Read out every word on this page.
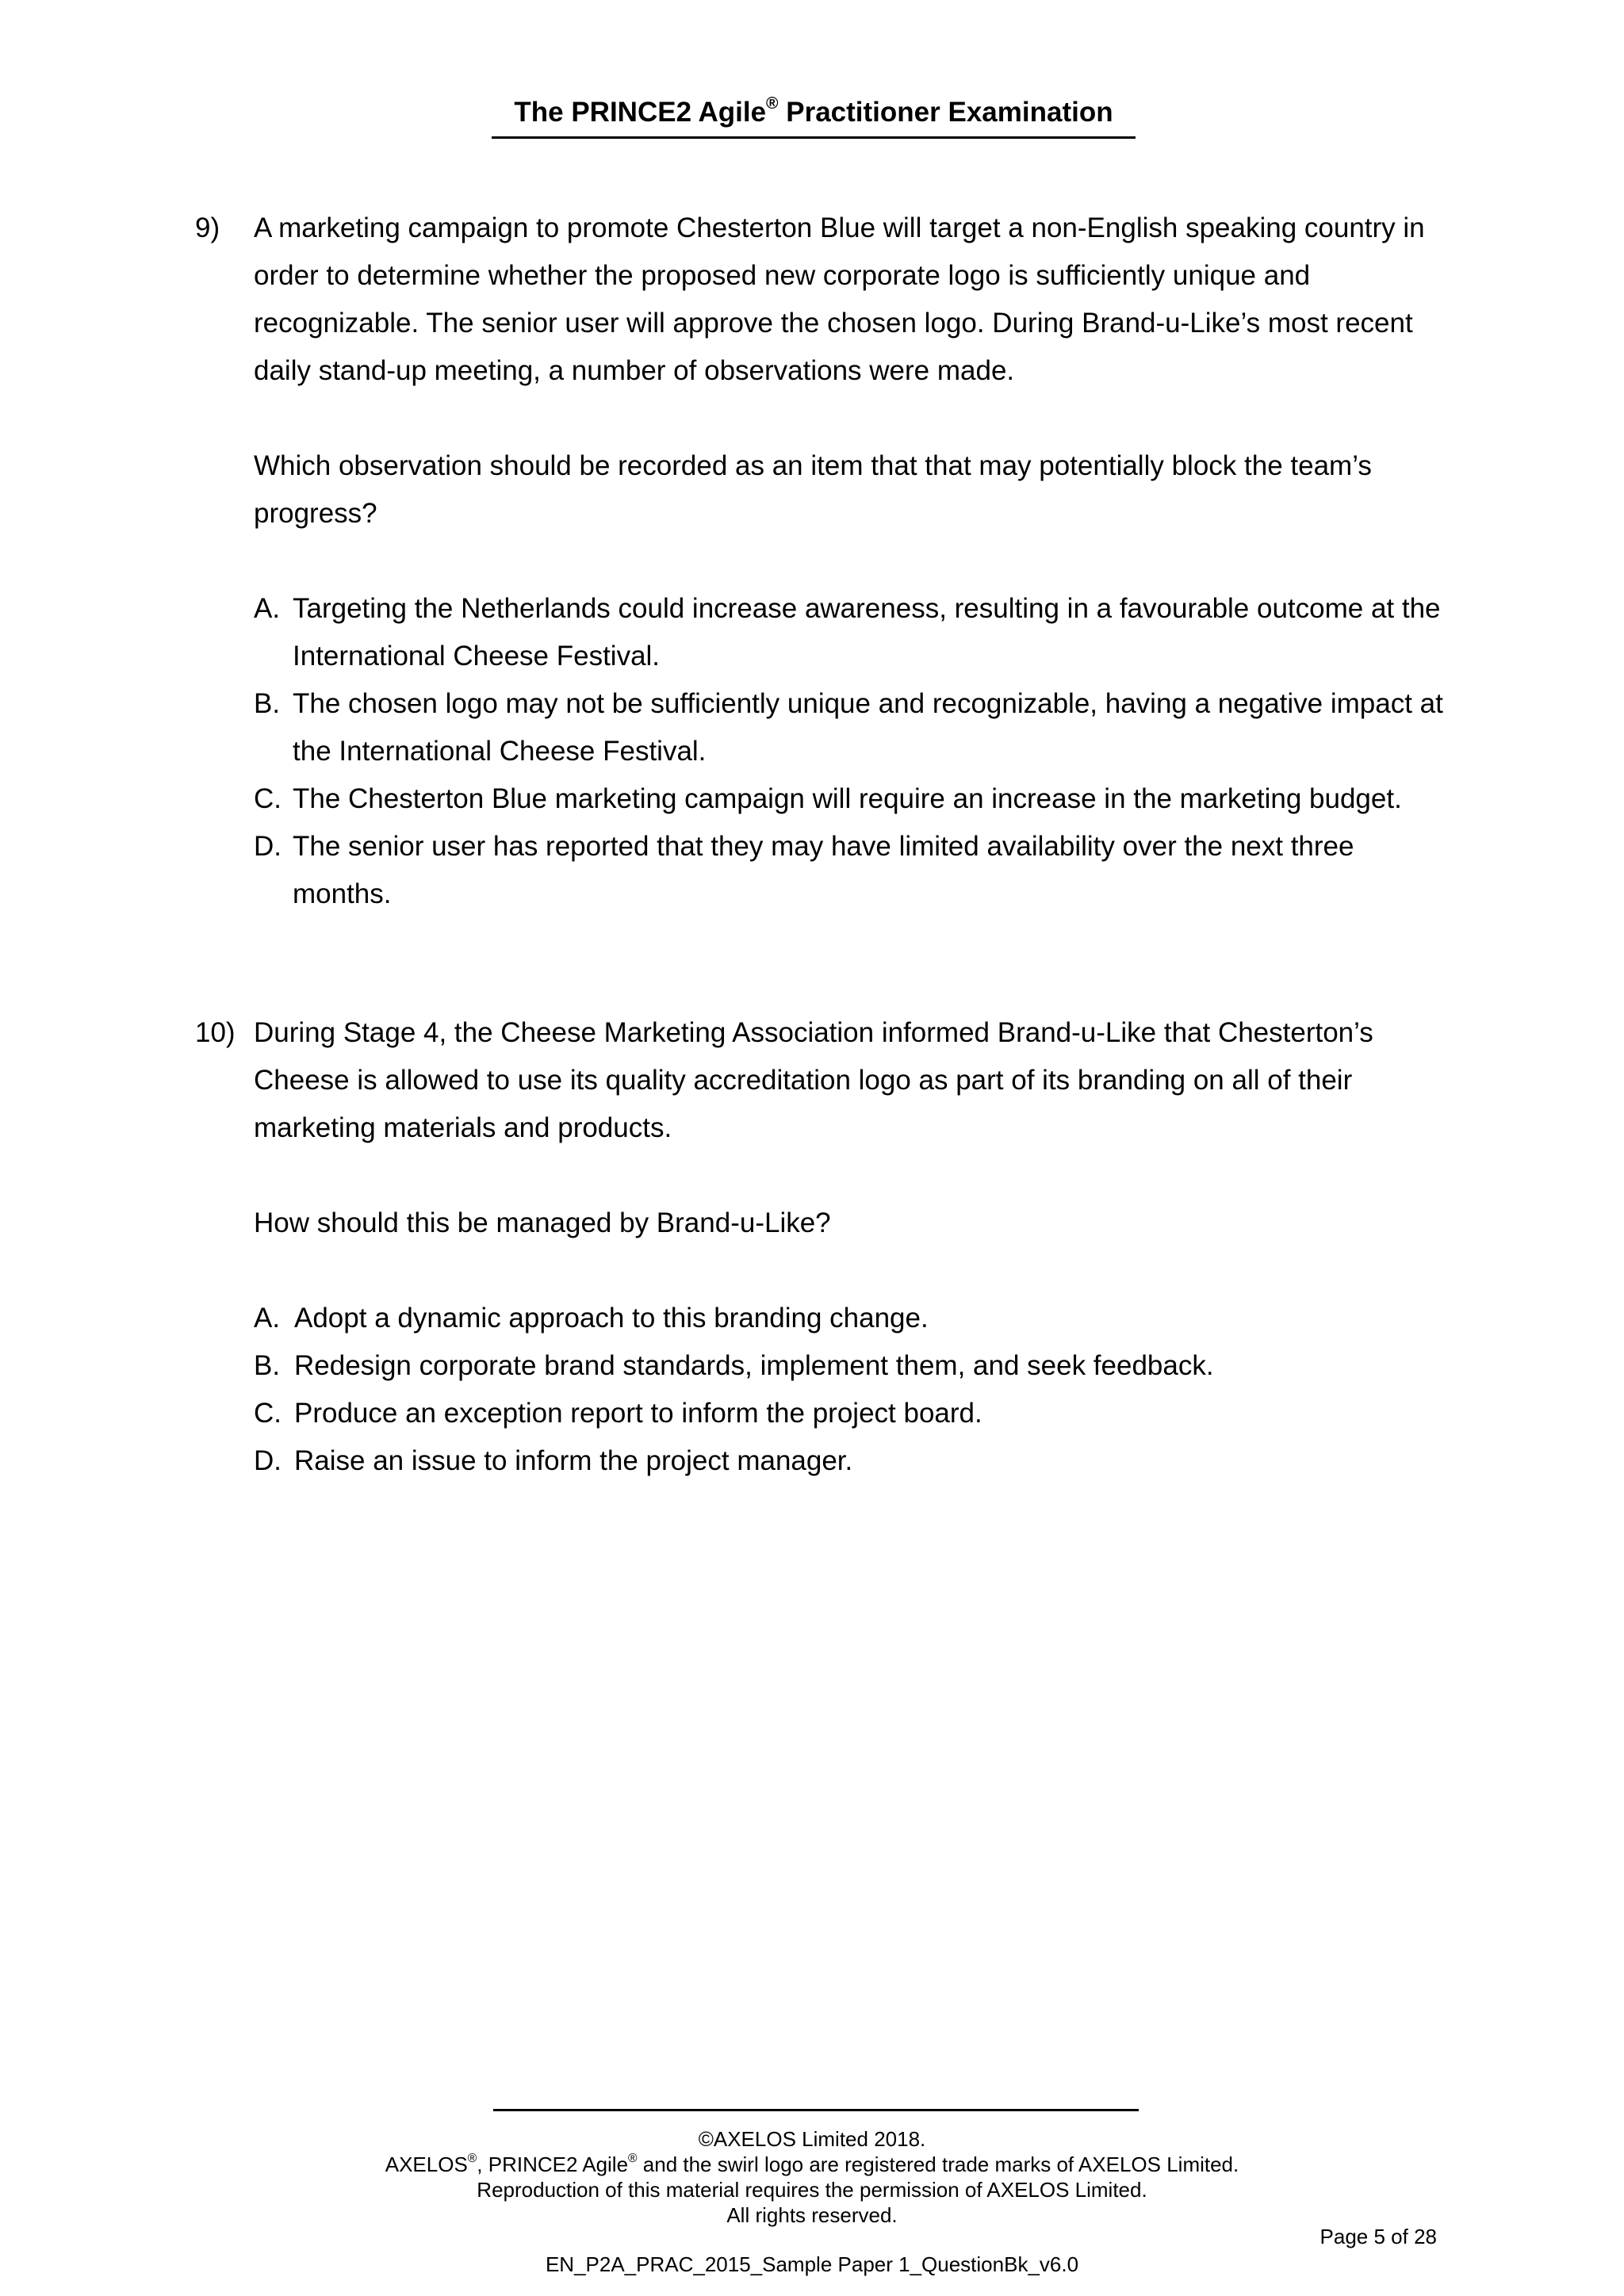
The PRINCE2 Agile® Practitioner Examination
9) A marketing campaign to promote Chesterton Blue will target a non-English speaking country in order to determine whether the proposed new corporate logo is sufficiently unique and recognizable. The senior user will approve the chosen logo. During Brand-u-Like’s most recent daily stand-up meeting, a number of observations were made.

Which observation should be recorded as an item that that may potentially block the team’s progress?

A. Targeting the Netherlands could increase awareness, resulting in a favourable outcome at the International Cheese Festival.
B. The chosen logo may not be sufficiently unique and recognizable, having a negative impact at the International Cheese Festival.
C. The Chesterton Blue marketing campaign will require an increase in the marketing budget.
D. The senior user has reported that they may have limited availability over the next three months.
10) During Stage 4, the Cheese Marketing Association informed Brand-u-Like that Chesterton’s Cheese is allowed to use its quality accreditation logo as part of its branding on all of their marketing materials and products.

How should this be managed by Brand-u-Like?

A. Adopt a dynamic approach to this branding change.
B. Redesign corporate brand standards, implement them, and seek feedback.
C. Produce an exception report to inform the project board.
D. Raise an issue to inform the project manager.
©AXELOS Limited 2018.
AXELOS®, PRINCE2 Agile® and the swirl logo are registered trade marks of AXELOS Limited.
Reproduction of this material requires the permission of AXELOS Limited.
All rights reserved.
Page 5 of 28
EN_P2A_PRAC_2015_Sample Paper 1_QuestionBk_v6.0
